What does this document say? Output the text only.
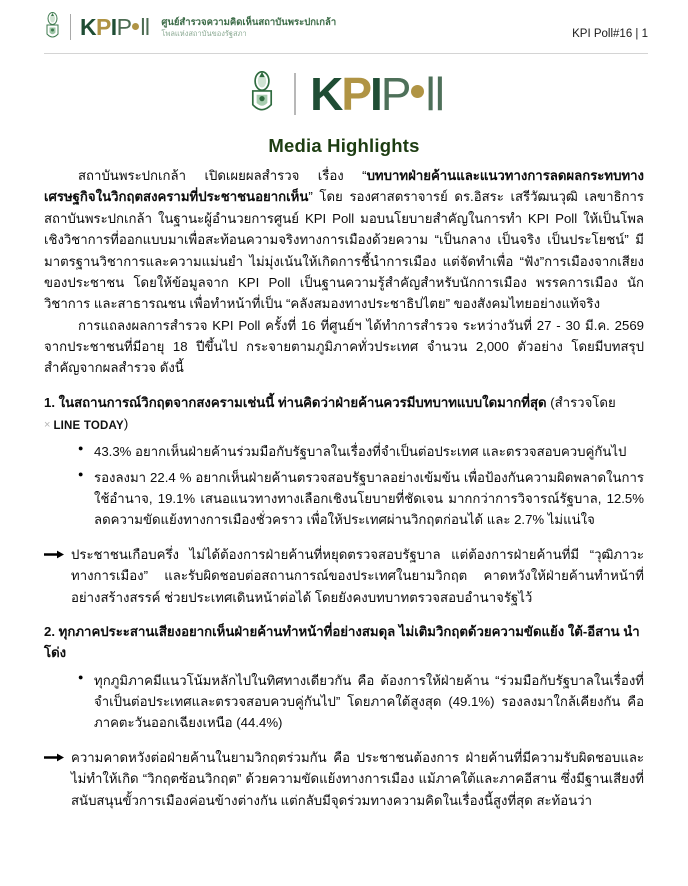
K P I P ll ศูนย์สำรวจความคิดเห็นสถาบันพระปกเกล้า
โพลแห่งสถาบันของรัฐสภา	KPI Poll#16 | 1
K P I P ll
Media Highlights

สถาบันพระปกเกล้า เปิดเผยผลสำรวจ เรื่อง “บทบาทฝ่ายค้านและแนวทางการลดผลกระทบทางเศรษฐกิจในวิกฤตสงครามที่ประชาชนอยากเห็น” โดย รองศาสตราจารย์ ดร.อิสระ เสรีวัฒนวุฒิ เลขาธิการสถาบันพระปกเกล้า ในฐานะผู้อำนวยการศูนย์ KPI Poll มอบนโยบายสำคัญในการทำ KPI Poll ให้เป็นโพลเชิงวิชาการที่ออกแบบมาเพื่อสะท้อนความจริงทางการเมืองด้วยความ “เป็นกลาง เป็นจริง เป็นประโยชน์” มีมาตรฐานวิชาการและความแม่นยำ ไม่มุ่งเน้นให้เกิดการชี้นำการเมือง แต่จัดทำเพื่อ “ฟัง”การเมืองจากเสียงของประชาชน โดยให้ข้อมูลจาก KPI Poll เป็นฐานความรู้สำคัญสำหรับนักการเมือง พรรคการเมือง นักวิชาการ และสาธารณชน เพื่อทำหน้าที่เป็น “คลังสมองทางประชาธิปไตย” ของสังคมไทยอย่างแท้จริง

การแถลงผลการสำรวจ KPI Poll ครั้งที่ 16 ที่ศูนย์ฯ ได้ทำการสำรวจ ระหว่างวันที่ 27 - 30 มี.ค. 2569 จากประชาชนที่มีอายุ 18 ปีขึ้นไป กระจายตามภูมิภาคทั่วประเทศ จำนวน 2,000 ตัวอย่าง โดยมีบทสรุปสำคัญจากผลสำรวจ ดังนี้

1. ในสถานการณ์วิกฤตจากสงครามเช่นนี้ ท่านคิดว่าฝ่ายค้านควรมีบทบาทแบบใดมากที่สุด (สำรวจโดย
× LINE TODAY )
● 43.3% อยากเห็นฝ่ายค้านร่วมมือกับรัฐบาลในเรื่องที่จำเป็นต่อประเทศ และตรวจสอบควบคู่กันไป
● รองลงมา 22.4 % อยากเห็นฝ่ายค้านตรวจสอบรัฐบาลอย่างเข้มข้น เพื่อป้องกันความผิดพลาดในการใช้อำนาจ, 19.1% เสนอแนวทางทางเลือกเชิงนโยบายที่ชัดเจน มากกว่าการวิจารณ์รัฐบาล, 12.5% ลดความขัดแย้งทางการเมืองชั่วคราว เพื่อให้ประเทศผ่านวิกฤตก่อนได้ และ 2.7% ไม่แน่ใจ
ประชาชนเกือบครึ่ง ไม่ได้ต้องการฝ่ายค้านที่หยุดตรวจสอบรัฐบาล แต่ต้องการฝ่ายค้านที่มี “วุฒิภาวะทางการเมือง” และรับผิดชอบต่อสถานการณ์ของประเทศในยามวิกฤต คาดหวังให้ฝ่ายค้านทำหน้าที่อย่างสร้างสรรค์ ช่วยประเทศเดินหน้าต่อได้ โดยยังคงบทบาทตรวจสอบอำนาจรัฐไว้
2. ทุกภาคประะสานเสียงอยากเห็นฝ่ายค้านทำหน้าที่อย่างสมดุล ไม่เติมวิกฤตด้วยความขัดแย้ง ใต้-อีสาน นำโด่ง
● ทุกภูมิภาคมีแนวโน้มหลักไปในทิศทางเดียวกัน คือ ต้องการให้ฝ่ายค้าน “ร่วมมือกับรัฐบาลในเรื่องที่จำเป็นต่อประเทศและตรวจสอบควบคู่กันไป” โดยภาคใต้สูงสุด (49.1%) รองลงมาใกล้เคียงกัน คือ ภาคตะวันออกเฉียงเหนือ (44.4%)
ความคาดหวังต่อฝ่ายค้านในยามวิกฤตร่วมกัน คือ ประชาชนต้องการ ฝ่ายค้านที่มีความรับผิดชอบและไม่ทำให้เกิด “วิกฤตซ้อนวิกฤต” ด้วยความขัดแย้งทางการเมือง แม้ภาคใต้และภาคอีสาน ซึ่งมีฐานเสียงที่สนับสนุนขั้วการเมืองค่อนข้างต่างกัน แต่กลับมีจุดร่วมทางความคิดในเรื่องนี้สูงที่สุด สะท้อนว่า
